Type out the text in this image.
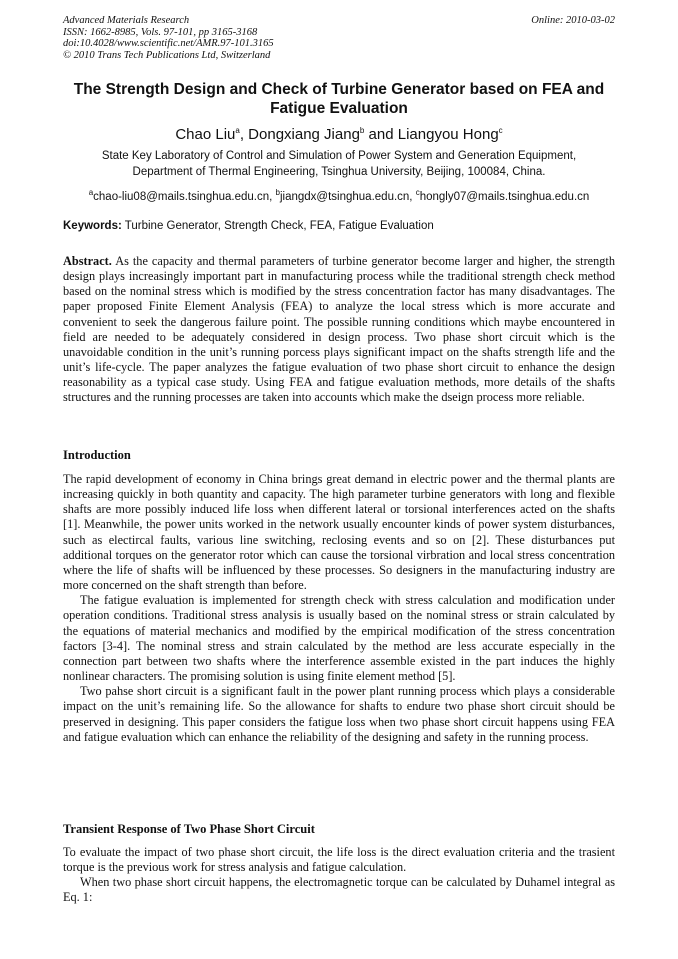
Advanced Materials Research	Online: 2010-03-02
ISSN: 1662-8985, Vols. 97-101, pp 3165-3168
doi:10.4028/www.scientific.net/AMR.97-101.3165
© 2010 Trans Tech Publications Ltd, Switzerland
The Strength Design and Check of Turbine Generator based on FEA and Fatigue Evaluation
Chao Liu$^a$, Dongxiang Jiang$^b$ and Liangyou Hong$^c$
State Key Laboratory of Control and Simulation of Power System and Generation Equipment,
Department of Thermal Engineering, Tsinghua University, Beijing, 100084, China.
$^a$chao-liu08@mails.tsinghua.edu.cn, $^b$jiangdx@tsinghua.edu.cn, $^c$hongly07@mails.tsinghua.edu.cn
Keywords: Turbine Generator, Strength Check, FEA, Fatigue Evaluation

Abstract. As the capacity and thermal parameters of turbine generator become larger and higher, the strength design plays increasingly important part in manufacturing process while the traditional strength check method based on the nominal stress which is modified by the stress concentration factor has many disadvantages. The paper proposed Finite Element Analysis (FEA) to analyze the local stress which is more accurate and convenient to seek the dangerous failure point. The possible running conditions which maybe encountered in field are needed to be adequately considered in design process. Two phase short circuit which is the unavoidable condition in the unit’s running porcess plays significant impact on the shafts strength life and the unit’s life-cycle. The paper analyzes the fatigue evaluation of two phase short circuit to enhance the design reasonability as a typical case study. Using FEA and fatigue evaluation methods, more details of the shafts structures and the running processes are taken into accounts which make the dseign process more reliable.

Introduction

The rapid development of economy in China brings great demand in electric power and the thermal plants are increasing quickly in both quantity and capacity. The high parameter turbine generators with long and flexible shafts are more possibly induced life loss when different lateral or torsional interferences acted on the shafts [1]. Meanwhile, the power units worked in the network usually encounter kinds of power system disturbances, such as electircal faults, various line switching, reclosing events and so on [2]. These disturbances put additional torques on the generator rotor which can cause the torsional virbration and local stress concentration where the life of shafts will be influenced by these processes. So designers in the manufacturing industry are more concerned on the shaft strength than before.

The fatigue evaluation is implemented for strength check with stress calculation and modification under operation conditions. Traditional stress analysis is usually based on the nominal stress or strain calculated by the equations of material mechanics and modified by the empirical modification of the stress concentration factors [3-4]. The nominal stress and strain calculated by the method are less accurate especially in the connection part between two shafts where the interference assemble existed in the part induces the highly nonlinear characters. The promising solution is using finite element method [5].

Two pahse short circuit is a significant fault in the power plant running process which plays a considerable impact on the unit’s remaining life. So the allowance for shafts to endure two phase short circuit should be preserved in designing. This paper considers the fatigue loss when two phase short circuit happens using FEA and fatigue evaluation which can enhance the reliability of the designing and safety in the running process.

Transient Response of Two Phase Short Circuit

To evaluate the impact of two phase short circuit, the life loss is the direct evaluation criteria and the trasient torque is the previous work for stress analysis and fatigue calculation.

When two phase short circuit happens, the electromagnetic torque can be calculated by Duhamel integral as Eq. 1:
